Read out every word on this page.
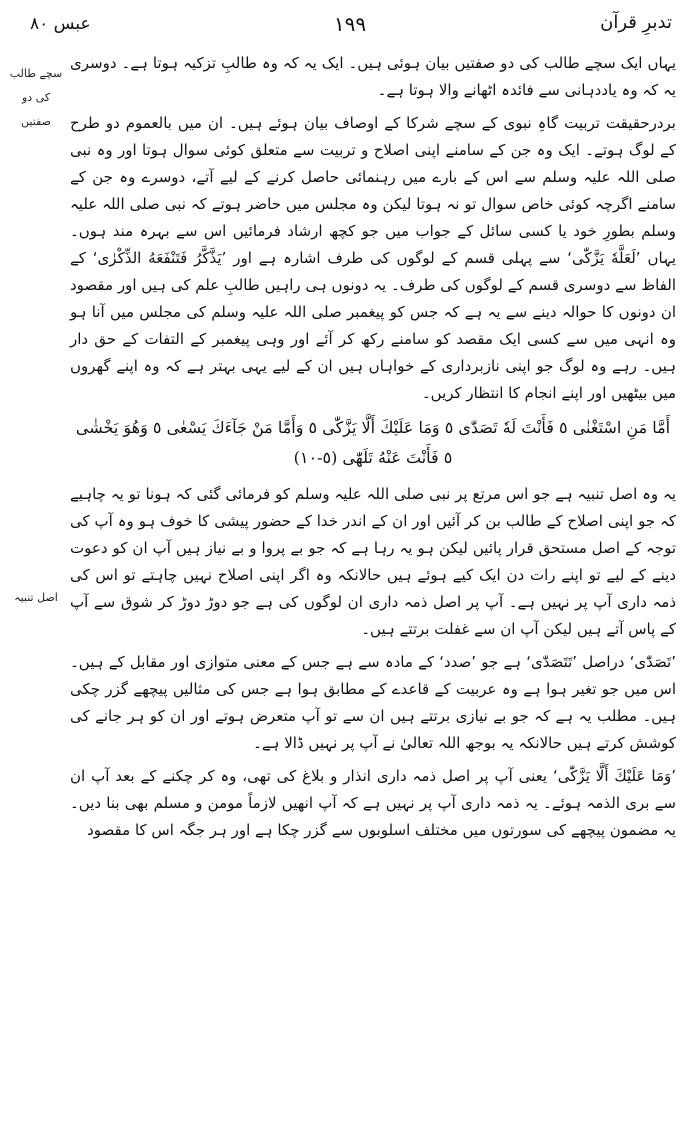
عبس ۸۰	۱۹۹	تدبرِ قرآن
سچے طالب کی دو صفتیں
اصل تنبیہ

یہاں ایک سچے طالب کی دو صفتیں بیان ہوئی ہیں۔ ایک یہ کہ وہ طالبِ تزکیہ ہوتا ہے۔ دوسری یہ کہ وہ یاددہانی سے فائدہ اٹھانے والا ہوتا ہے۔

بردرحقیقت تربیت گاہِ نبوی کے سچے شرکا کے اوصاف بیان ہوئے ہیں۔ ان میں بالعموم دو طرح کے لوگ ہوتے۔ ایک وہ جن کے سامنے اپنی اصلاح و تربیت سے متعلق کوئی سوال ہوتا اور وہ نبی صلی اللہ علیہ وسلم سے اس کے بارے میں رہنمائی حاصل کرنے کے لیے آتے، دوسرے وہ جن کے سامنے اگرچہ کوئی خاص سوال تو نہ ہوتا لیکن وہ مجلس میں حاضر ہوتے کہ نبی صلی اللہ علیہ وسلم بطورِ خود یا کسی سائل کے جواب میں جو کچھ ارشاد فرمائیں اس سے بہرہ مند ہوں۔ یہاں ’لَعَلَّهٗ يَزَّكّٰى‘ سے پہلی قسم کے لوگوں کی طرف اشارہ ہے اور ’يَذَّكَّرُ فَتَنْفَعَهُ الذِّكْرٰى‘ کے الفاظ سے دوسری قسم کے لوگوں کی طرف۔ یہ دونوں ہی راہیں طالبِ علم کی ہیں اور مقصود ان دونوں کا حوالہ دینے سے یہ ہے کہ جس کو پیغمبر صلی اللہ علیہ وسلم کی مجلس میں آنا ہو وہ انہی میں سے کسی ایک مقصد کو سامنے رکھ کر آئے اور وہی پیغمبر کے التفات کے حق دار ہیں۔ رہے وہ لوگ جو اپنی نازبرداری کے خواہاں ہیں ان کے لیے یہی بہتر ہے کہ وہ اپنے گھروں میں بیٹھیں اور اپنے انجام کا انتظار کریں۔

أَمَّا مَنِ اسْتَغْنٰى ٥ فَأَنْتَ لَهٗ تَصَدّٰى ٥ وَمَا عَلَيْكَ أَلَّا يَزَّكّٰى ٥ وَأَمَّا مَنْ جَآءَكَ يَسْعٰى ٥ وَهُوَ يَخْشٰى ٥ فَأَنْتَ عَنْهُ تَلَهّٰى (٥-١٠)

یہ وہ اصل تنبیہ ہے جو اس مرتع پر نبی صلی اللہ علیہ وسلم کو فرمائی گئی کہ ہونا تو یہ چاہیے کہ جو اپنی اصلاح کے طالب بن کر آئیں اور ان کے اندر خدا کے حضور پیشی کا خوف ہو وہ آپ کی توجہ کے اصل مستحق قرار پائیں لیکن ہو یہ رہا ہے کہ جو بے پروا و بے نیاز ہیں آپ ان کو دعوت دینے کے لیے تو اپنے رات دن ایک کیے ہوئے ہیں حالانکہ وہ اگر اپنی اصلاح نہیں چاہتے تو اس کی ذمہ داری آپ پر نہیں ہے۔ آپ پر اصل ذمہ داری ان لوگوں کی ہے جو دوڑ دوڑ کر شوق سے آپ کے پاس آتے ہیں لیکن آپ ان سے غفلت برتتے ہیں۔

’تَصَدّٰى‘ دراصل ’تَتَصَدّٰى‘ ہے جو ’صدد‘ کے مادہ سے ہے جس کے معنی متوازی اور مقابل کے ہیں۔ اس میں جو تغیر ہوا ہے وہ عربیت کے قاعدے کے مطابق ہوا ہے جس کی مثالیں پیچھے گزر چکی ہیں۔ مطلب یہ ہے کہ جو بے نیازی برتتے ہیں ان سے تو آپ متعرض ہوتے اور ان کو ہر جانے کی کوشش کرتے ہیں حالانکہ یہ بوجھ اللہ تعالیٰ نے آپ پر نہیں ڈالا ہے۔

’وَمَا عَلَيْكَ أَلَّا يَزَّكّٰى‘ یعنی آپ پر اصل ذمہ داری انذار و بلاغ کی تھی، وہ کر چکنے کے بعد آپ ان سے بری الذمہ ہوئے۔ یہ ذمہ داری آپ پر نہیں ہے کہ آپ انھیں لازماً مومن و مسلم بھی بنا دیں۔ یہ مضمون پیچھے کی سورتوں میں مختلف اسلوبوں سے گزر چکا ہے اور ہر جگہ اس کا مقصود
